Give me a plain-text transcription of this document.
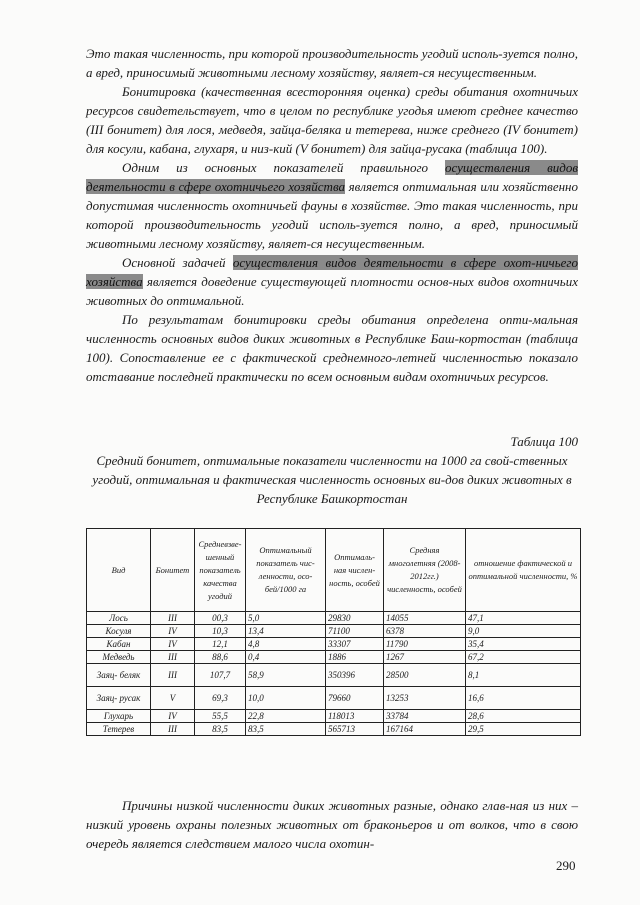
Это такая численность, при которой производительность угодий исполь-зуется полно, а вред, приносимый животными лесному хозяйству, являет-ся несущественным.

Бонитировка (качественная всесторонняя оценка) среды обитания охотничьих ресурсов свидетельствует, что в целом по республике угодья имеют среднее качество (III бонитет) для лося, медведя, зайца-беляка и тетерева, ниже среднего (IV бонитет) для косули, кабана, глухаря, и низ-кий (V бонитет) для зайца-русака (таблица 100).

Одним из основных показателей правильного осуществления видов деятельности в сфере охотничьего хозяйства является оптимальная или хозяйственно допустимая численность охотничьей фауны в хозяйстве. Это такая численность, при которой производительность угодий исполь-зуется полно, а вред, приносимый животными лесному хозяйству, являет-ся несущественным.

Основной задачей осуществления видов деятельности в сфере охот-ничьего хозяйства является доведение существующей плотности основ-ных видов охотничьих животных до оптимальной.

По результатам бонитировки среды обитания определена опти-мальная численность основных видов диких животных в Республике Баш-кортостан (таблица 100). Сопоставление ее с фактической среднемного-летней численностью показало отставание последней практически по всем основным видам охотничьих ресурсов.

Таблица 100
Средний бонитет, оптимальные показатели численности на 1000 га свой-ственных угодий, оптимальная и фактическая численность основных ви-дов диких животных в Республике Башкортостан
Вид	Бонитет	Средневзве-шенный показатель качества угодий	Оптимальный показатель чис-ленности, осо-бей/1000 га	Оптималь-ная числен-ность, особей	Средняя многолетняя (2008-2012гг.) численность, особей	отношение фактической и оптимальной численности, %
Лось	III	00,3	5,0	29830	14055	47,1
Косуля	IV	10,3	13,4	71100	6378	9,0
Кабан	IV	12,1	4,8	33307	11790	35,4
Медведь	III	88,6	0,4	1886	1267	67,2
Заяц- беляк	III	107,7	58,9	350396	28500	8,1
Заяц- русак	V	69,3	10,0	79660	13253	16,6
Глухарь	IV	55,5	22,8	118013	33784	28,6
Тетерев	III	83,5	83,5	565713	167164	29,5
Причины низкой численности диких животных разные, однако глав-ная из них – низкий уровень охраны полезных животных от браконьеров и от волков, что в свою очередь является следствием малого числа охотин-
290
